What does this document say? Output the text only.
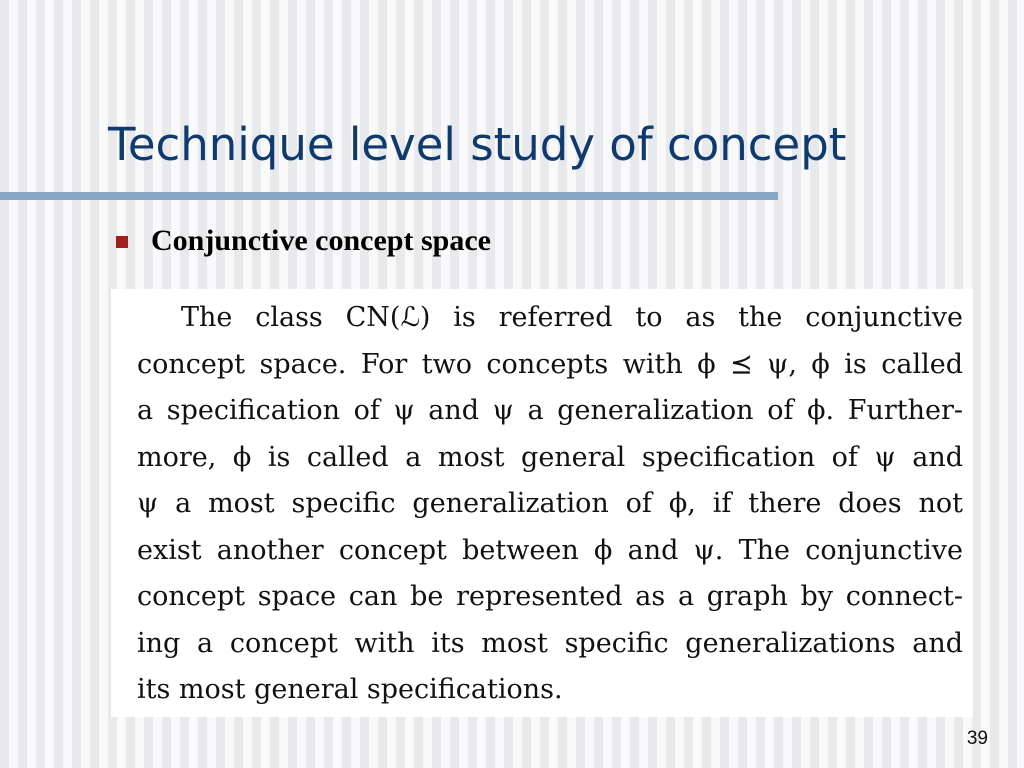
Technique level study of concept
Conjunctive concept space
The class CN(ℒ) is referred to as the conjunctive
concept space. For two concepts with ϕ ⪯ ψ, ϕ is called
a specification of ψ and ψ a generalization of ϕ. Further-
more, ϕ is called a most general specification of ψ and
ψ a most specific generalization of ϕ, if there does not
exist another concept between ϕ and ψ. The conjunctive
concept space can be represented as a graph by connect-
ing a concept with its most specific generalizations and
its most general specifications.
39
